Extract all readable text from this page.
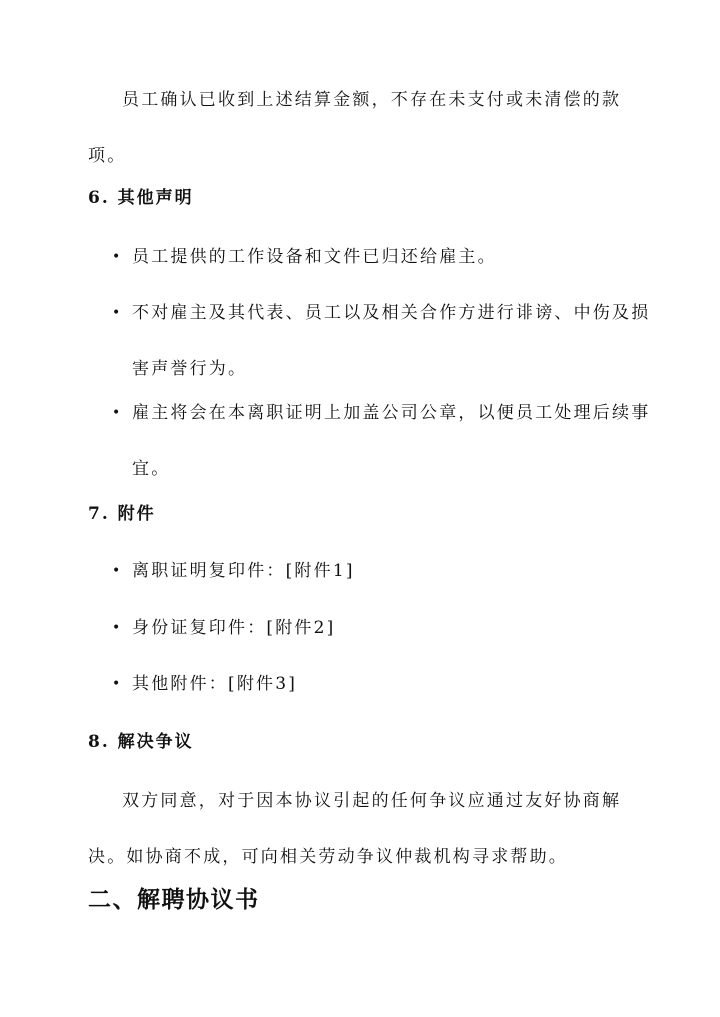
员工确认已收到上述结算金额，不存在未支付或未清偿的款项。

6. 其他声明
• 员工提供的工作设备和文件已归还给雇主。
• 不对雇主及其代表、员工以及相关合作方进行诽谤、中伤及损害声誉行为。
• 雇主将会在本离职证明上加盖公司公章，以便员工处理后续事宜。
7. 附件
• 离职证明复印件：[附件1]
• 身份证复印件：[附件2]
• 其他附件：[附件3]
8. 解决争议

双方同意，对于因本协议引起的任何争议应通过友好协商解决。如协商不成，可向相关劳动争议仲裁机构寻求帮助。

二、解聘协议书
